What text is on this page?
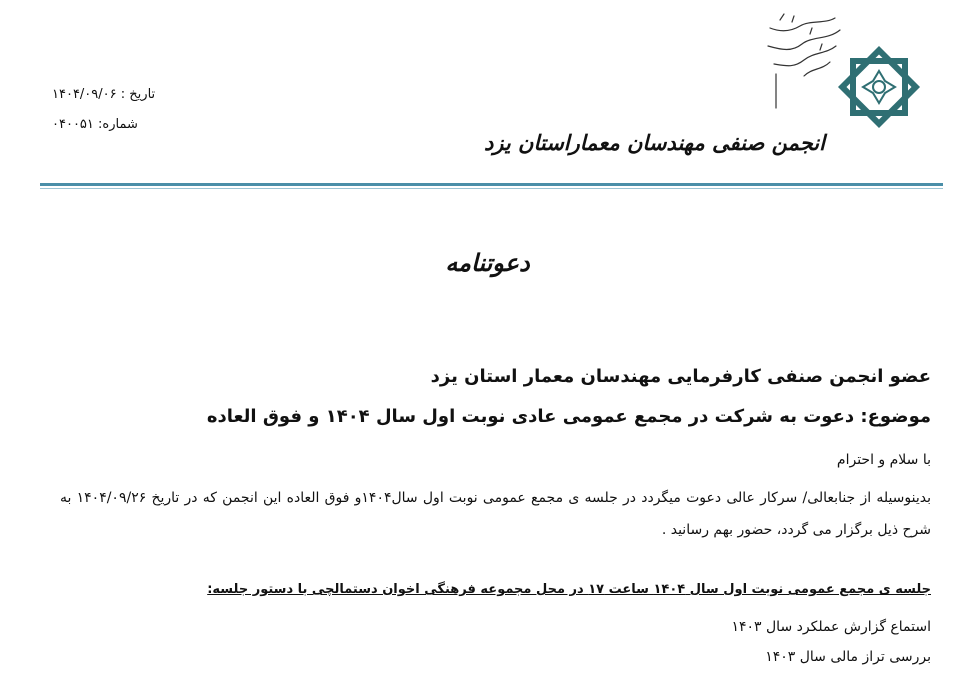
تاریخ : ۱۴۰۴/۰۹/۰۶
شماره: ۰۴۰۰۵۱
انجمن صنفی مهندسان معماراستان یزد
دعوتنامه
عضو انجمن صنفی کارفرمایی مهندسان معمار استان یزد
موضوع: دعوت به شرکت در مجمع عمومی عادی نوبت اول سال ۱۴۰۴ و فوق العاده
با سلام و احترام
بدینوسیله از جنابعالی/ سرکار عالی دعوت میگردد در جلسه ی مجمع عمومی نوبت اول سال۱۴۰۴و فوق العاده این انجمن که در تاریخ ۱۴۰۴/۰۹/۲۶ به شرح ذیل برگزار می گردد، حضور بهم رسانید .
جلسه ی مجمع عمومی نوبت اول سال ۱۴۰۴ ساعت ۱۷ در محل مجموعه فرهنگی اخوان دستمالچی با دستور جلسه:
استماع گزارش عملکرد سال ۱۴۰۳
بررسی تراز مالی سال ۱۴۰۳
